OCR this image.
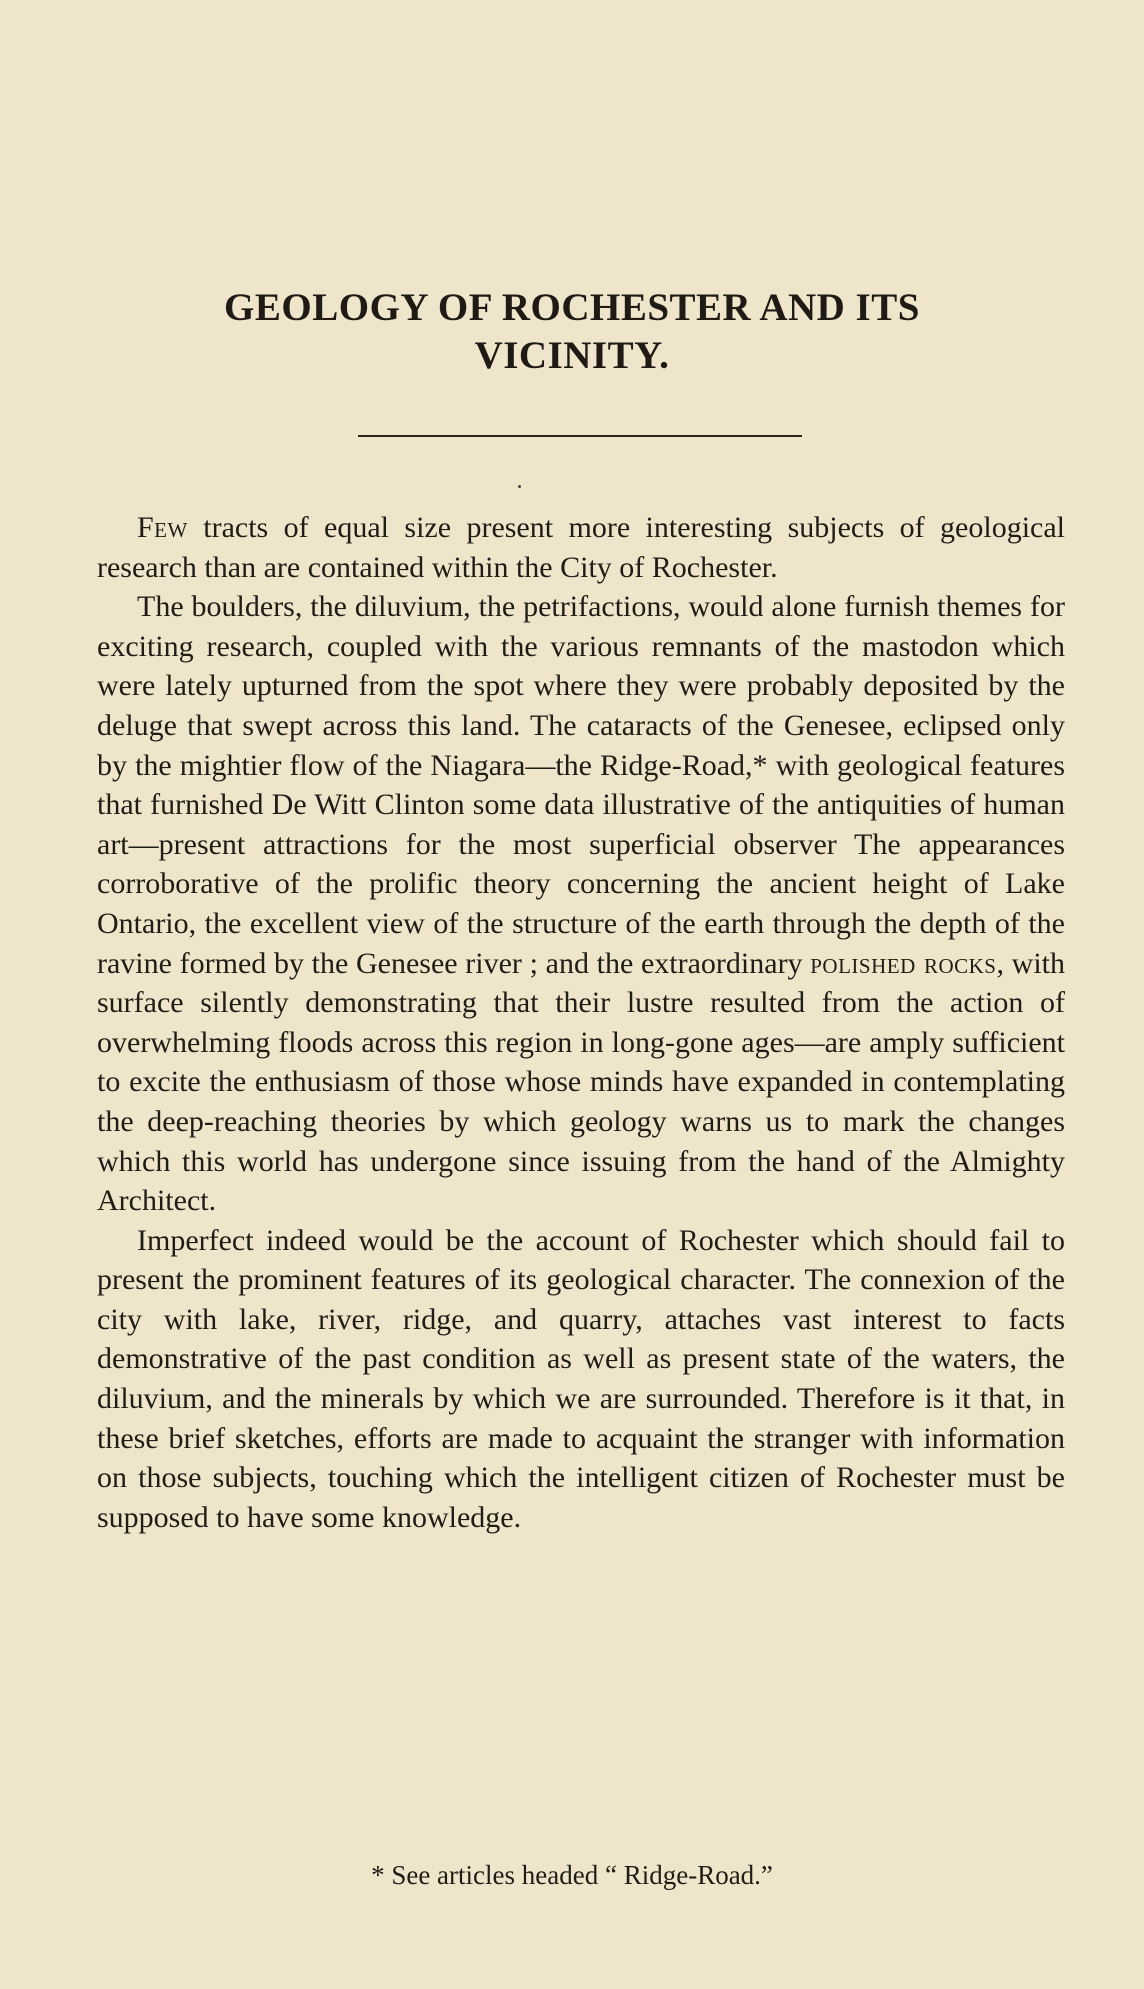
GEOLOGY OF ROCHESTER AND ITS
VICINITY.

Few tracts of equal size present more interesting subjects of geological research than are contained within the City of Rochester.

The boulders, the diluvium, the petrifactions, would alone furnish themes for exciting research, coupled with the various remnants of the mastodon which were lately upturned from the spot where they were probably deposited by the deluge that swept across this land. The cataracts of the Genesee, eclipsed only by the mightier flow of the Niagara—the Ridge-Road,* with geological features that furnished De Witt Clinton some data illustrative of the antiquities of human art—present attractions for the most superficial observer The appearances corroborative of the prolific theory concerning the ancient height of Lake Ontario, the excellent view of the structure of the earth through the depth of the ravine formed by the Genesee river ; and the extraordinary polished rocks, with surface silently demonstrating that their lustre resulted from the action of overwhelming floods across this region in long-gone ages—are amply sufficient to excite the enthusiasm of those whose minds have expanded in contemplating the deep-reaching theories by which geology warns us to mark the changes which this world has undergone since issuing from the hand of the Almighty Architect.

Imperfect indeed would be the account of Rochester which should fail to present the prominent features of its geological character. The connexion of the city with lake, river, ridge, and quarry, attaches vast interest to facts demonstrative of the past condition as well as present state of the waters, the diluvium, and the minerals by which we are surrounded. Therefore is it that, in these brief sketches, efforts are made to acquaint the stranger with information on those subjects, touching which the intelligent citizen of Rochester must be supposed to have some knowledge.

* See articles headed “ Ridge-Road.”
